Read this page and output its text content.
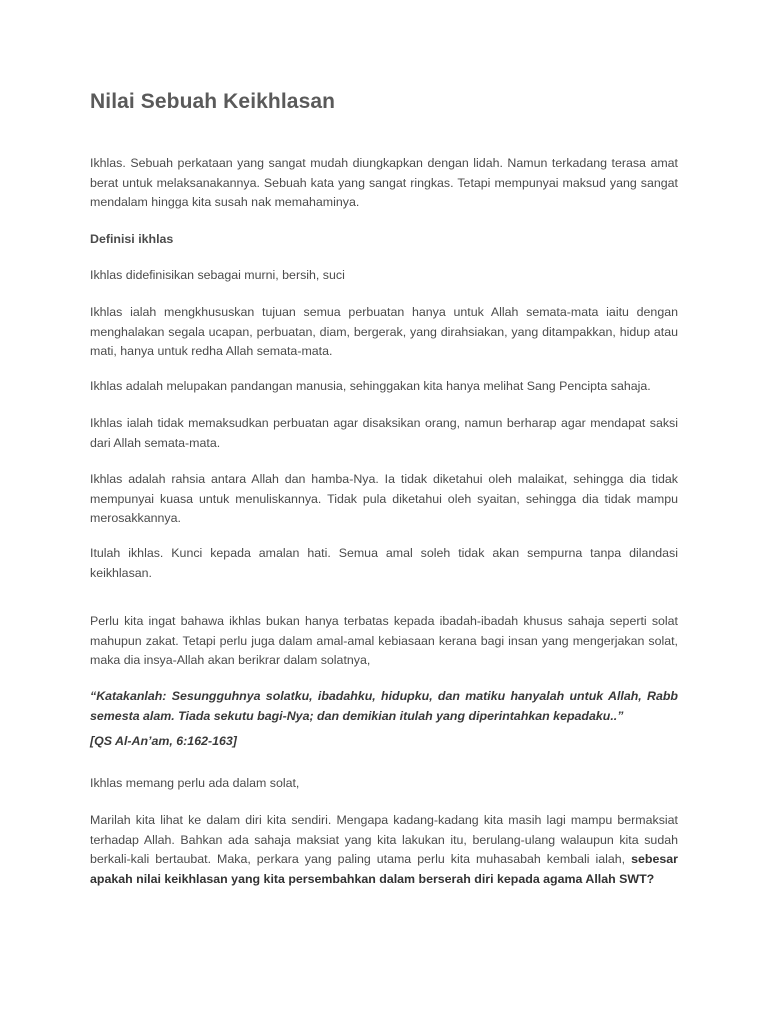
Nilai Sebuah Keikhlasan

Ikhlas. Sebuah perkataan yang sangat mudah diungkapkan dengan lidah. Namun terkadang terasa amat berat untuk melaksanakannya. Sebuah kata yang sangat ringkas. Tetapi mempunyai maksud yang sangat mendalam hingga kita susah nak memahaminya.

Definisi ikhlas

Ikhlas didefinisikan sebagai murni, bersih, suci

Ikhlas ialah mengkhususkan tujuan semua perbuatan hanya untuk Allah semata-mata iaitu dengan menghalakan segala ucapan, perbuatan, diam, bergerak, yang dirahsiakan, yang ditampakkan, hidup atau mati, hanya untuk redha Allah semata-mata.

Ikhlas adalah melupakan pandangan manusia, sehinggakan kita hanya melihat Sang Pencipta sahaja.

Ikhlas ialah tidak memaksudkan perbuatan agar disaksikan orang, namun berharap agar mendapat saksi dari Allah semata-mata.

Ikhlas adalah rahsia antara Allah dan hamba-Nya. Ia tidak diketahui oleh malaikat, sehingga dia tidak mempunyai kuasa untuk menuliskannya. Tidak pula diketahui oleh syaitan, sehingga dia tidak mampu merosakkannya.

Itulah ikhlas. Kunci kepada amalan hati. Semua amal soleh tidak akan sempurna tanpa dilandasi keikhlasan.

Perlu kita ingat bahawa ikhlas bukan hanya terbatas kepada ibadah-ibadah khusus sahaja seperti solat mahupun zakat. Tetapi perlu juga dalam amal-amal kebiasaan kerana bagi insan yang mengerjakan solat, maka dia insya-Allah akan berikrar dalam solatnya,

“Katakanlah: Sesungguhnya solatku, ibadahku, hidupku, dan matiku hanyalah untuk Allah, Rabb semesta alam. Tiada sekutu bagi-Nya; dan demikian itulah yang diperintahkan kepadaku..”

[QS Al-An’am, 6:162-163]

Ikhlas memang perlu ada dalam solat,

Marilah kita lihat ke dalam diri kita sendiri. Mengapa kadang-kadang kita masih lagi mampu bermaksiat terhadap Allah. Bahkan ada sahaja maksiat yang kita lakukan itu, berulang-ulang walaupun kita sudah berkali-kali bertaubat. Maka, perkara yang paling utama perlu kita muhasabah kembali ialah, sebesar apakah nilai keikhlasan yang kita persembahkan dalam berserah diri kepada agama Allah SWT?
